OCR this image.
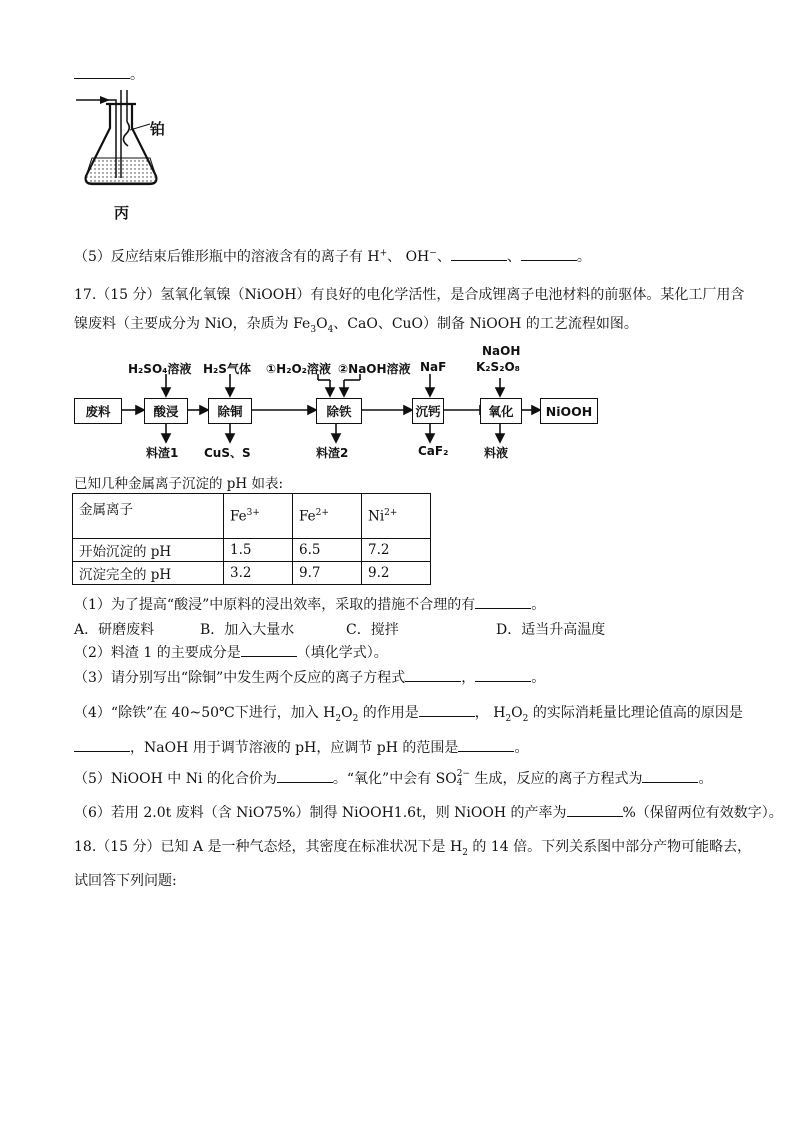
。
铂
丙
（5）反应结束后锥形瓶中的溶液含有的离子有 H+、 OH−、	、	。
17.（15 分）氢氧化氧镍（NiOOH）有良好的电化学活性，是合成锂离子电池材料的前驱体。某化工厂用含
镍废料（主要成分为 NiO，杂质为 $Fe_3O_4$、CaO、CuO）制备 NiOOH 的工艺流程如图。
废料	酸浸	除铜	除铁	沉钙	氧化	NiOOH
H₂SO₄溶液 H₂S气体 ①H₂O₂溶液 ②NaOH溶液 NaF
NaOH
K₂S₂O₈
料渣1 CuS、S	料渣2	CaF₂	料液
已知几种金属离子沉淀的 pH 如表:
金属离子	$Fe^{3+}$	$Fe^{2+}$	$Ni^{2+}$
开始沉淀的 pH	1.5	6.5	7.2
沉淀完全的 pH	3.2	9.7	9.2
（1）为了提高“酸浸”中原料的浸出效率，采取的措施不合理的有	。
A．研磨废料	B．加入大量水	C．搅拌	D．适当升高温度
（2）料渣 1 的主要成分是	（填化学式）。
（3）请分别写出“除铜”中发生两个反应的离子方程式	，	。
（4）“除铁”在 40~50℃下进行，加入 $H_2O_2$ 的作用是	， $H_2O_2$ 的实际消耗量比理论值高的原因是
，NaOH 用于调节溶液的 pH，应调节 pH 的范围是	。
（5）NiOOH 中 Ni 的化合价为	。“氧化”中会有 SO 2−
4 生成，反应的离子方程式为	。
（6）若用 2.0t 废料（含 NiO75%）制得 NiOOH1.6t，则 NiOOH 的产率为	%（保留两位有效数字）。
18.（15 分）已知 A 是一种气态烃，其密度在标准状况下是 $H_2$ 的 14 倍。下列关系图中部分产物可能略去，
试回答下列问题:
